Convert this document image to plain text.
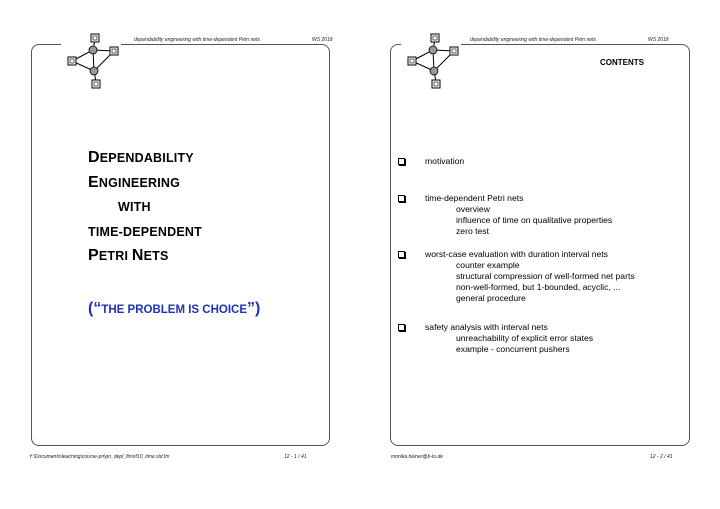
dependability engineering with time-dependent Petri nets	WS 2018
DEPENDABILITY
ENGINEERING
WITH
TIME-DEPENDENT
PETRI NETS
(“THE PROBLEM IS CHOICE”)
Y:\Documents\teaching\course-pn\pn_depl_fin\nf10_time.sld.fm	12 - 1 / 41
dependability engineering with time-dependent Petri nets	WS 2018
CONTENTS
motivation
time-dependent Petri nets
overview
influence of time on qualitative properties
zero test
worst-case evaluation with duration interval nets
counter example
structural compression of well-formed net parts
non-well-formed, but 1-bounded, acyclic, ...
general procedure
safety analysis with interval nets
unreachability of explicit error states
example - concurrent pushers
monika.heiner@b-tu.de	12 - 2 / 41
